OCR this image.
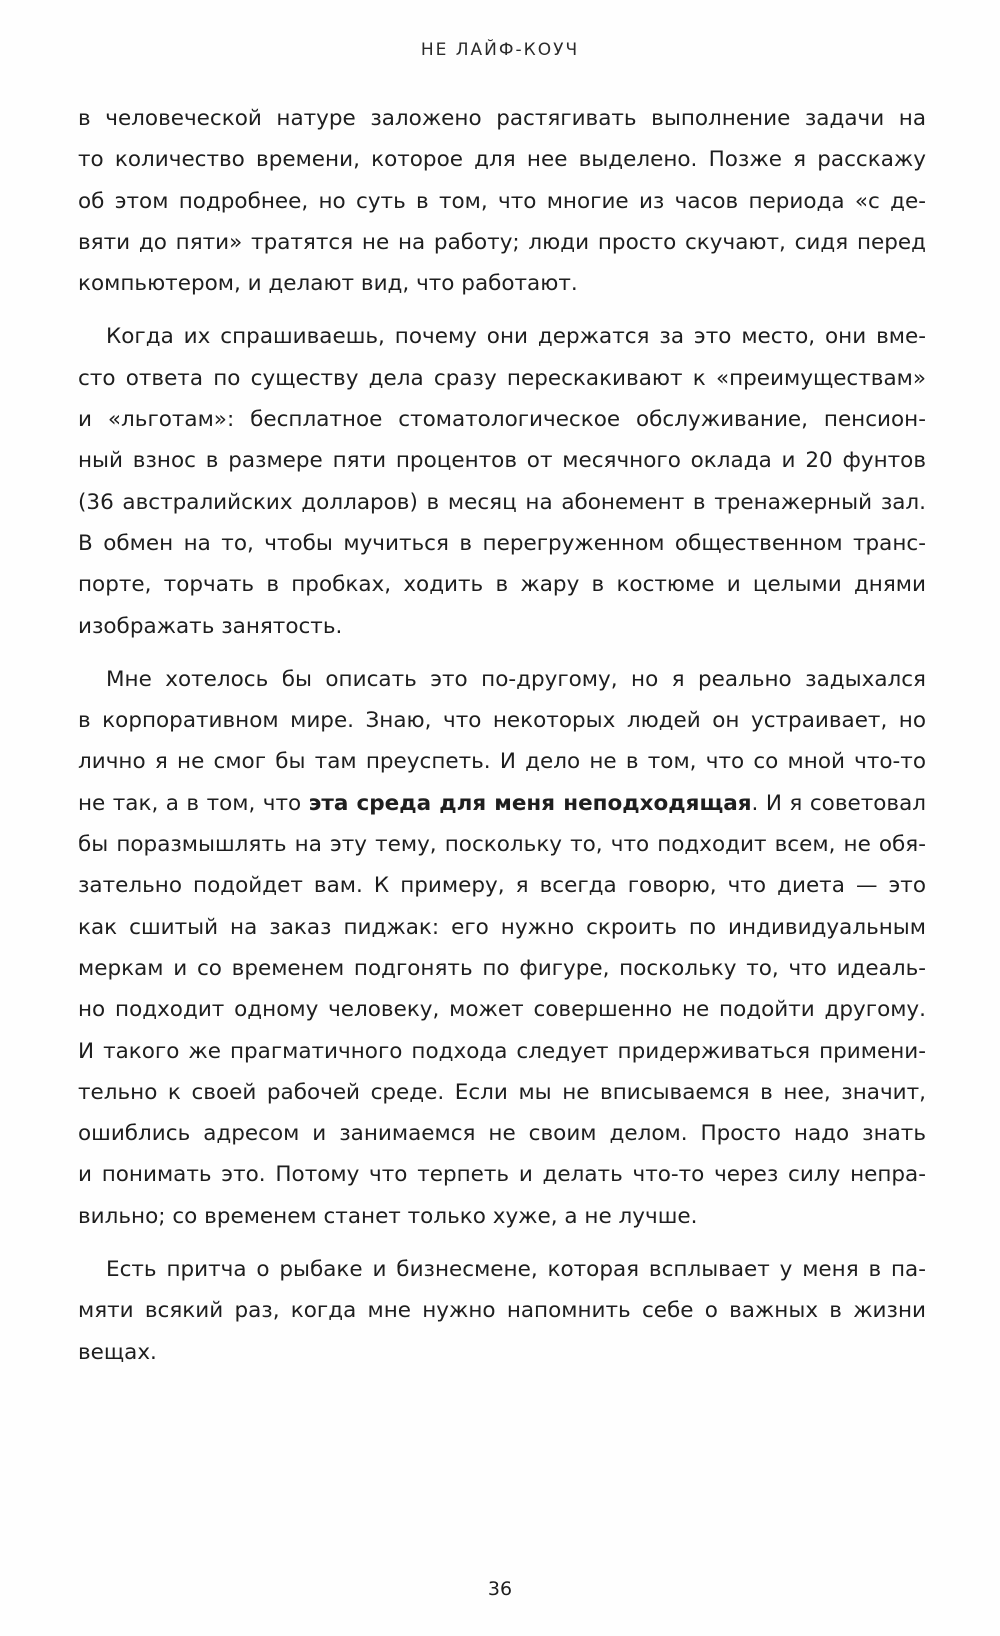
НЕ ЛАЙФ-КОУЧ

в человеческой натуре заложено растягивать выполнение задачи на
то количество времени, которое для нее выделено. Позже я расскажу
об этом подробнее, но суть в том, что многие из часов периода «с де-
вяти до пяти» тратятся не на работу; люди просто скучают, сидя перед
компьютером, и делают вид, что работают.

Когда их спрашиваешь, почему они держатся за это место, они вме-
сто ответа по существу дела сразу перескакивают к «преимуществам»
и «льготам»: бесплатное стоматологическое обслуживание, пенсион-
ный взнос в размере пяти процентов от месячного оклада и 20 фунтов
(36 австралийских долларов) в месяц на абонемент в тренажерный зал.
В обмен на то, чтобы мучиться в перегруженном общественном транс-
порте, торчать в пробках, ходить в жару в костюме и целыми днями
изображать занятость.

Мне хотелось бы описать это по-другому, но я реально задыхался
в корпоративном мире. Знаю, что некоторых людей он устраивает, но
лично я не смог бы там преуспеть. И дело не в том, что со мной что-то
не так, а в том, что эта среда для меня неподходящая. И я советовал
бы поразмышлять на эту тему, поскольку то, что подходит всем, не обя-
зательно подойдет вам. К примеру, я всегда говорю, что диета — это
как сшитый на заказ пиджак: его нужно скроить по индивидуальным
меркам и со временем подгонять по фигуре, поскольку то, что идеаль-
но подходит одному человеку, может совершенно не подойти другому.
И такого же прагматичного подхода следует придерживаться примени-
тельно к своей рабочей среде. Если мы не вписываемся в нее, значит,
ошиблись адресом и занимаемся не своим делом. Просто надо знать
и понимать это. Потому что терпеть и делать что-то через силу непра-
вильно; со временем станет только хуже, а не лучше.

Есть притча о рыбаке и бизнесмене, которая всплывает у меня в па-
мяти всякий раз, когда мне нужно напомнить себе о важных в жизни
вещах.

36
